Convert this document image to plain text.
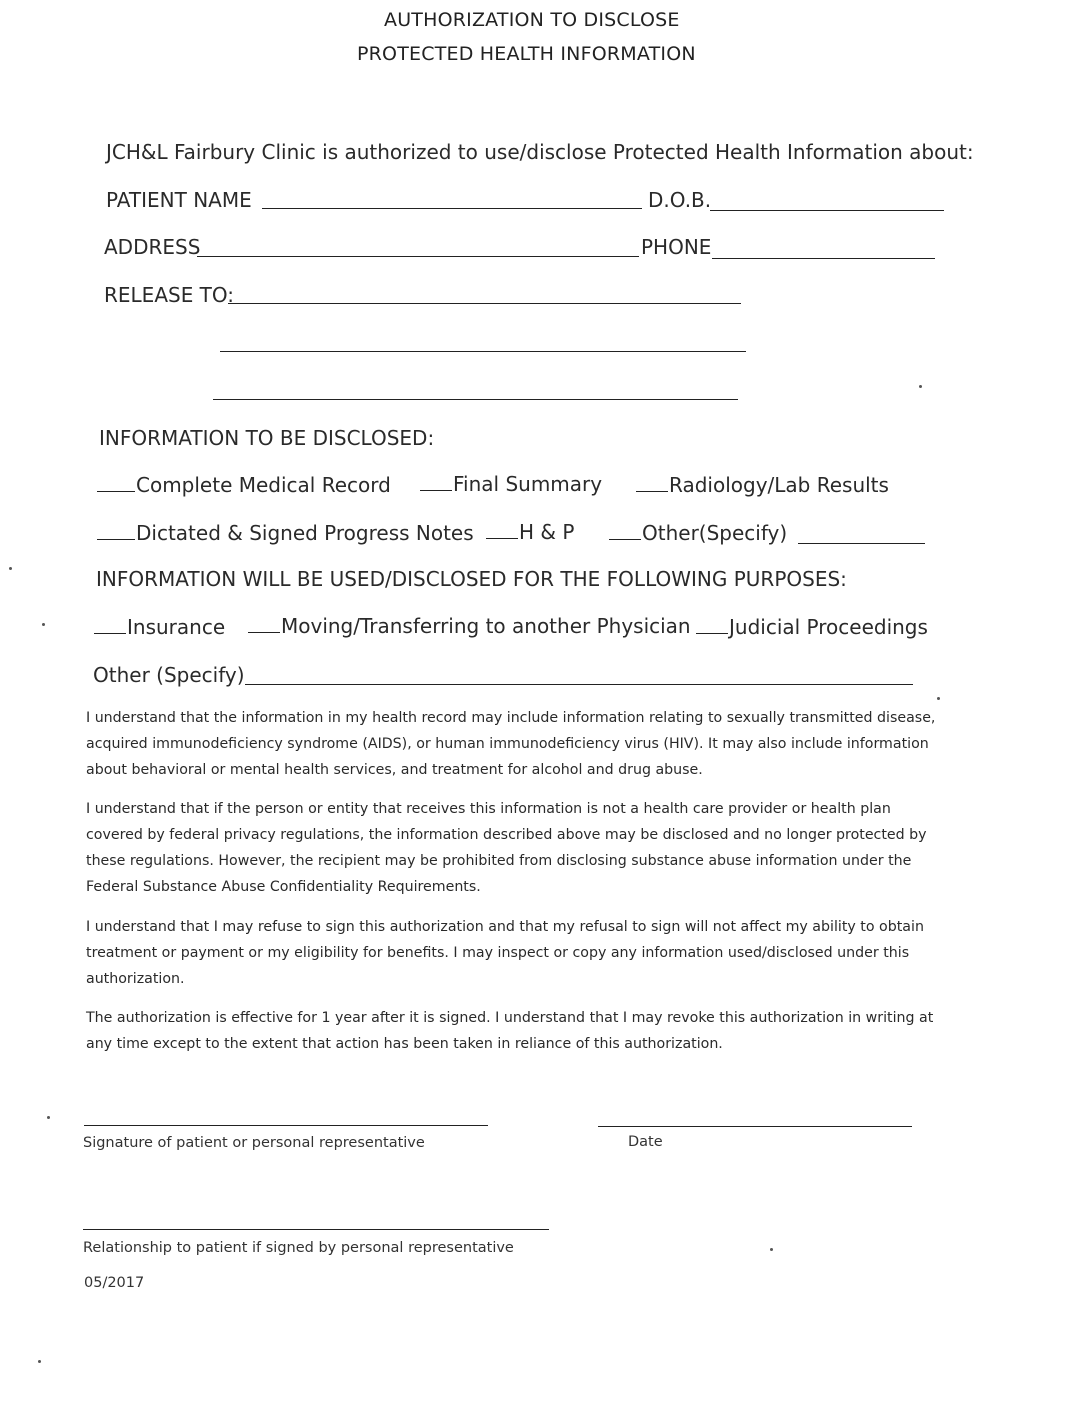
AUTHORIZATION TO DISCLOSE
PROTECTED HEALTH INFORMATION
JCH&L Fairbury Clinic is authorized to use/disclose Protected Health Information about:
PATIENT NAME	D.O.B.
ADDRESS	PHONE
RELEASE TO:
INFORMATION TO BE DISCLOSED:
Complete Medical Record	Final Summary	Radiology/Lab Results
Dictated & Signed Progress Notes	H & P	Other(Specify)
INFORMATION WILL BE USED/DISCLOSED FOR THE FOLLOWING PURPOSES:
Insurance	Moving/Transferring to another Physician	Judicial Proceedings
Other (Specify)
I understand that the information in my health record may include information relating to sexually transmitted disease, acquired immunodeficiency syndrome (AIDS), or human immunodeficiency virus (HIV). It may also include information about behavioral or mental health services, and treatment for alcohol and drug abuse.
I understand that if the person or entity that receives this information is not a health care provider or health plan covered by federal privacy regulations, the information described above may be disclosed and no longer protected by these regulations. However, the recipient may be prohibited from disclosing substance abuse information under the Federal Substance Abuse Confidentiality Requirements.
I understand that I may refuse to sign this authorization and that my refusal to sign will not affect my ability to obtain treatment or payment or my eligibility for benefits. I may inspect or copy any information used/disclosed under this authorization.
The authorization is effective for 1 year after it is signed. I understand that I may revoke this authorization in writing at any time except to the extent that action has been taken in reliance of this authorization.
Signature of patient or personal representative	Date
Relationship to patient if signed by personal representative
05/2017
